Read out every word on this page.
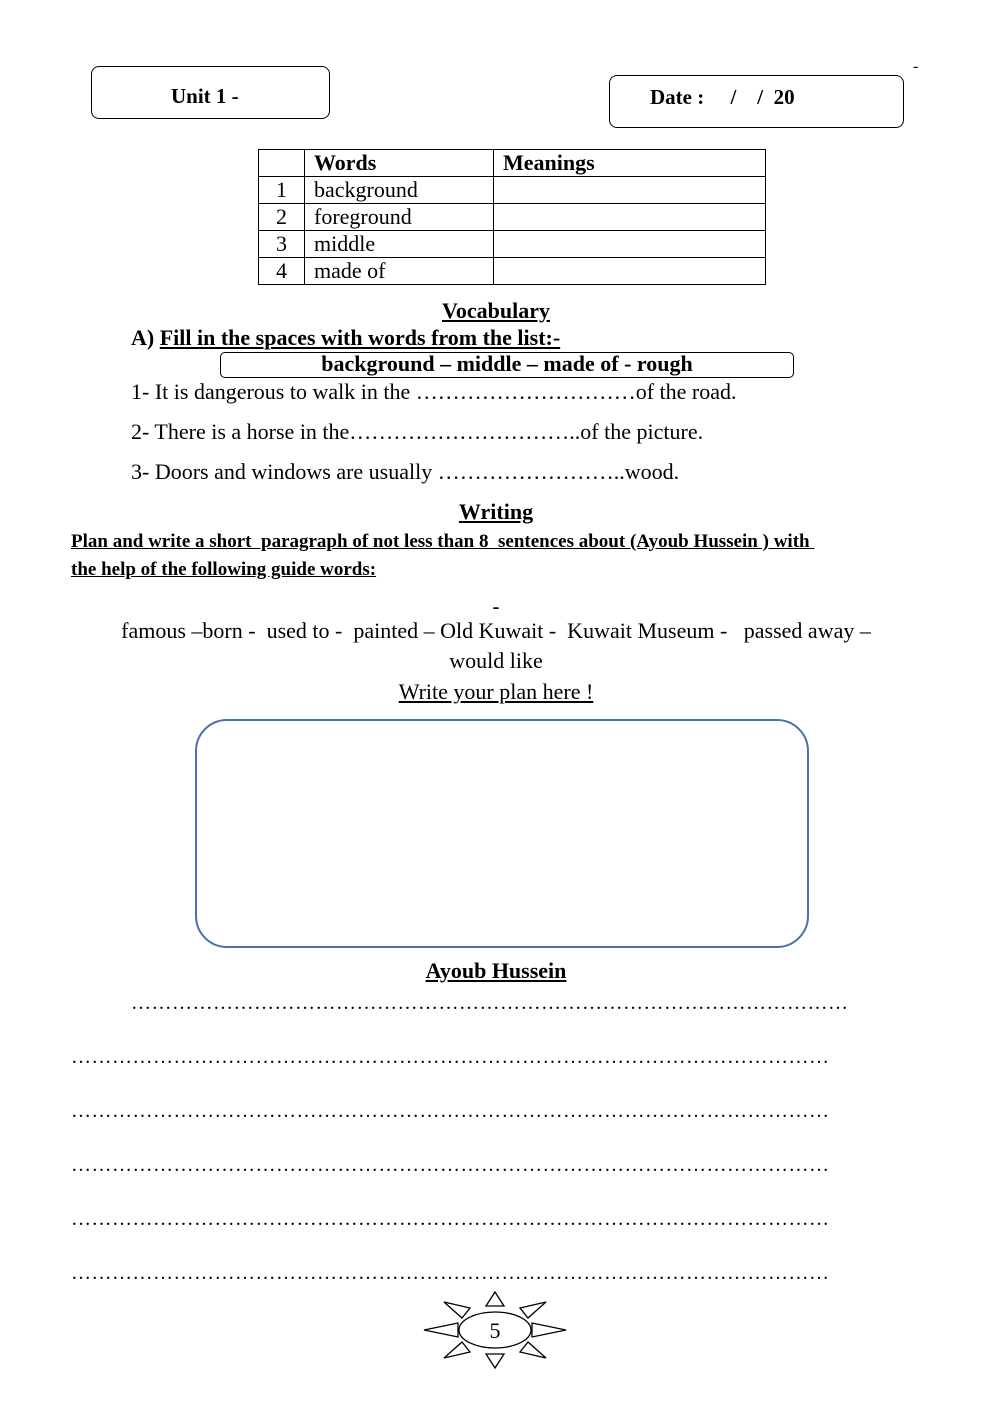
Unit 1 -	Date :     /    /  20
-
	Words	Meanings
1	background	
2	foreground	
3	middle	
4	made of	
Vocabulary
A) Fill in the spaces with words from the list:-
background – middle – made of - rough
1- It is dangerous to walk in the …………………………of the road.
2- There is a horse in the…………………………..of the picture.
3- Doors and windows are usually ……………………..wood.
Writing
Plan and write a short  paragraph of not less than 8  sentences about (Ayoub Hussein ) with
the help of the following guide words:
-
famous –born -  used to -  painted – Old Kuwait -  Kuwait Museum -   passed away –
would like
Write your plan here !
Ayoub Hussein
……………………………………………………………………………………………
…………………………………………………………………………………………………
…………………………………………………………………………………………………
…………………………………………………………………………………………………
…………………………………………………………………………………………………
…………………………………………………………………………………………………
5
